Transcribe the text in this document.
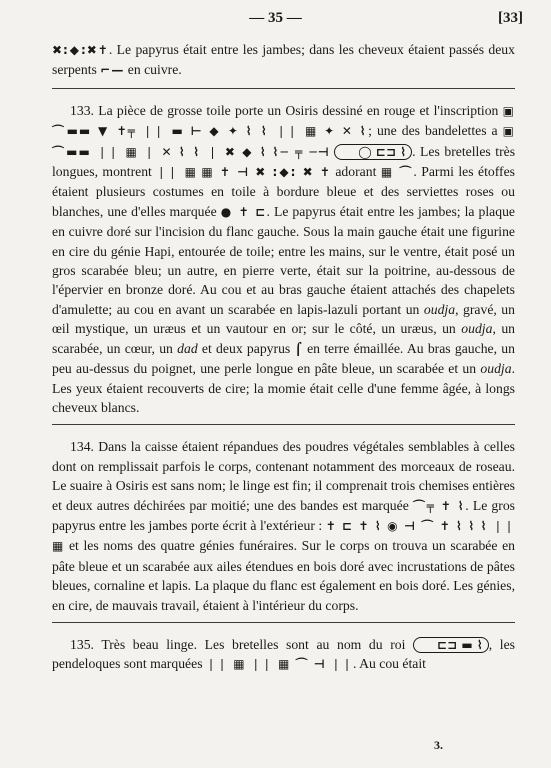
— 35 —	[33]

✖:◆:✖✝. Le papyrus était entre les jambes; dans les cheveux étaient passés deux serpents ⌐— en cuivre.

133. La pièce de grosse toile porte un Osiris dessiné en rouge et l'inscription ▣ ⌒▬▬ ▼ ✝╤ ❘❘ ▬ ⊢ ◆ ✦ ⌇ ⌇ ❘❘ ▦ ✦ ✕ ⌇; une des bandelettes a ▣ ⌒▬▬ ❘❘ ▦ ❘ ✕ ⌇ ⌇ ❘ ✖ ◆ ⌇ ⌇─ ╤ ─⊣ ◯ ⊏⊐ ⌇ . Les bretelles très longues, montrent ❘❘ ▦ ▦ ✝ ⊣ ✖ :◆: ✖ ✝ adorant ▦ ⌒. Parmi les étoffes étaient plusieurs costumes en toile à bordure bleue et des serviettes roses ou blanches, une d'elles marquée ● ✝ ⊏. Le papyrus était entre les jambes; la plaque en cuivre doré sur l'incision du flanc gauche. Sous la main gauche était une figurine en cire du génie Hapi, entourée de toile; entre les mains, sur le ventre, était posé un gros scarabée bleu; un autre, en pierre verte, était sur la poitrine, au-dessous de l'épervier en bronze doré. Au cou et au bras gauche étaient attachés des chapelets d'amulette; au cou en avant un scarabée en lapis-lazuli portant un oudja, gravé, un œil mystique, un uræus et un vautour en or; sur le côté, un uræus, un oudja, un scarabée, un cœur, un dad et deux papyrus ⌠ en terre émaillée. Au bras gauche, un peu au-dessus du poignet, une perle longue en pâte bleue, un scarabée et un oudja. Les yeux étaient recouverts de cire; la momie était celle d'une femme âgée, à longs cheveux blancs.

134. Dans la caisse étaient répandues des poudres végétales semblables à celles dont on remplissait parfois le corps, contenant notamment des morceaux de roseau. Le suaire à Osiris est sans nom; le linge est fin; il comprenait trois chemises entières et deux autres déchirées par moitié; une des bandes est marquée ⌒╤ ✝ ⌇. Le gros papyrus entre les jambes porte écrit à l'extérieur : ✝ ⊏ ✝ ⌇ ◉ ⊣ ⌒ ✝ ⌇ ⌇ ⌇ ❘❘ ▦ et les noms des quatre génies funéraires. Sur le corps on trouva un scarabée en pâte bleue et un scarabée aux ailes étendues en bois doré avec incrustations de pâtes bleues, cornaline et lapis. La plaque du flanc est également en bois doré. Les génies, en cire, de mauvais travail, étaient à l'intérieur du corps.

135. Très beau linge. Les bretelles sont au nom du roi ⊏⊐ ▬ ⌇ , les pendeloques sont marquées ❘❘ ▦ ❘❘ ▦ ⌒ ⊣ ❘❘. Au cou était

3.
